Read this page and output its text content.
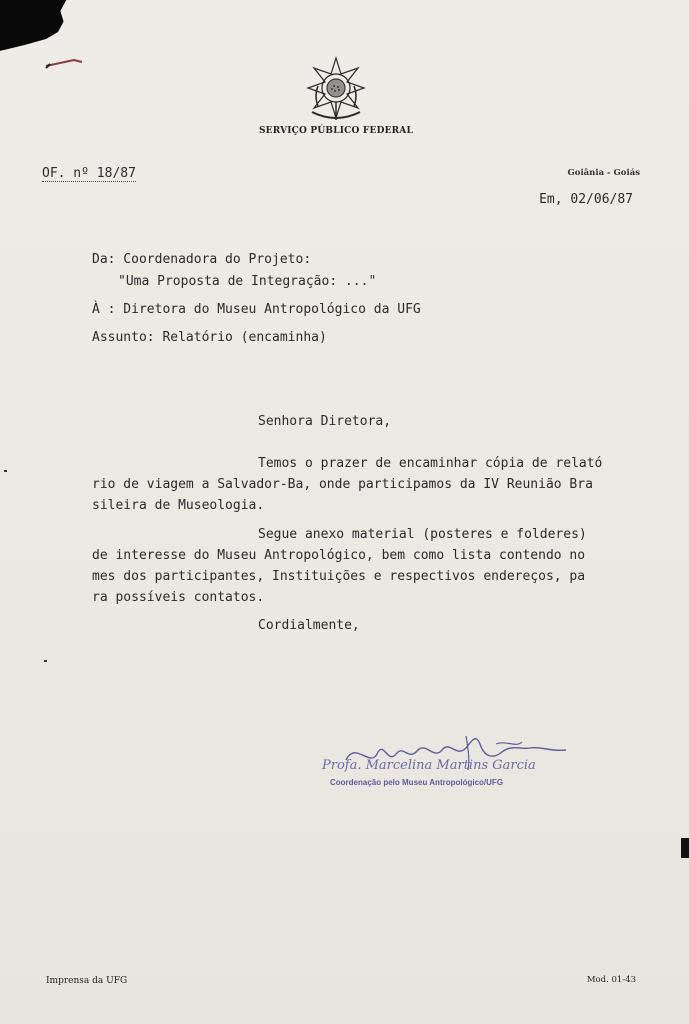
SERVIÇO PÚBLICO FEDERAL
OF. nº 18/87	Goiânia - Goiás
Em, 02/06/87
Da: Coordenadora do Projeto:
"Uma Proposta de Integração: ..."
À : Diretora do Museu Antropológico da UFG
Assunto: Relatório (encaminha)
Senhora Diretora,
Temos o prazer de encaminhar cópia de relató
rio de viagem a Salvador-Ba, onde participamos da IV Reunião Bra
sileira de Museologia.
Segue anexo material (posteres e folderes)
de interesse do Museu Antropológico, bem como lista contendo no
mes dos participantes, Instituições e respectivos endereços, pa
ra possíveis contatos.
Cordialmente,
Profa. Marcelina Martins Garcia
Coordenação pelo Museu Antropológico/UFG
Imprensa da UFG	Mod. 01-43
